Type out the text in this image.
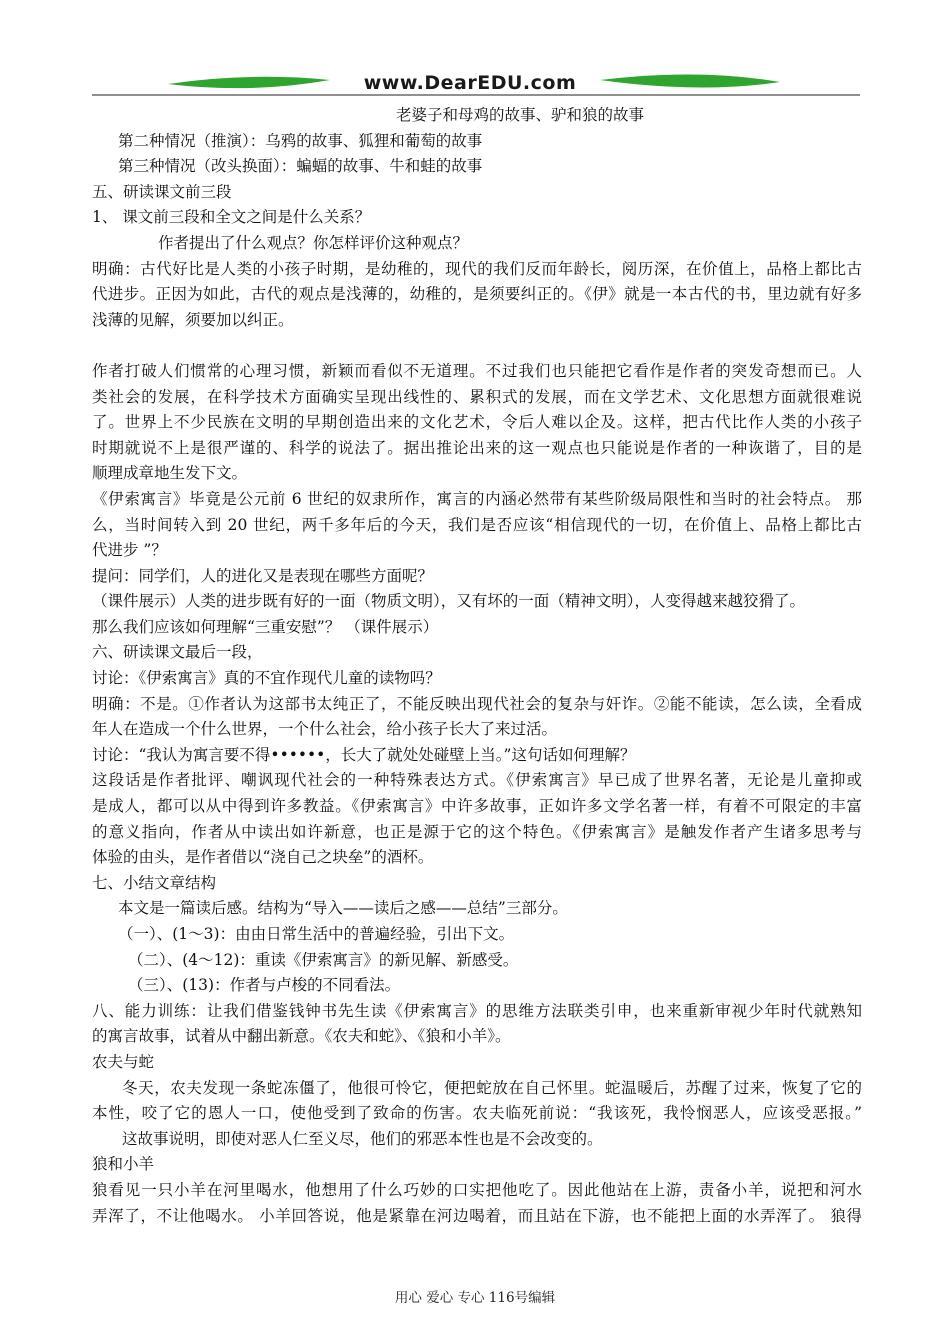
www.DearEDU.com
老婆子和母鸡的故事、驴和狼的故事
第二种情况（推演）：乌鸦的故事、狐狸和葡萄的故事
第三种情况（改头换面）：蝙蝠的故事、牛和蛙的故事
五、研读课文前三段
1、 课文前三段和全文之间是什么关系？
作者提出了什么观点？你怎样评价这种观点？
明确：古代好比是人类的小孩子时期，是幼稚的，现代的我们反而年龄长，阅历深，在价值上，品格上都比古
代进步。正因为如此，古代的观点是浅薄的，幼稚的，是须要纠正的。《伊》就是一本古代的书，里边就有好多
浅薄的见解，须要加以纠正。
作者打破人们惯常的心理习惯，新颖而看似不无道理。不过我们也只能把它看作是作者的突发奇想而已。人
类社会的发展，在科学技术方面确实呈现出线性的、累积式的发展，而在文学艺术、文化思想方面就很难说
了。世界上不少民族在文明的早期创造出来的文化艺术，令后人难以企及。这样，把古代比作人类的小孩子
时期就说不上是很严谨的、科学的说法了。据出推论出来的这一观点也只能说是作者的一种诙谐了，目的是
顺理成章地生发下文。
《伊索寓言》毕竟是公元前 6 世纪的奴隶所作，寓言的内涵必然带有某些阶级局限性和当时的社会特点。 那
么，当时间转入到 20 世纪，两千多年后的今天，我们是否应该“相信现代的一切，在价值上、品格上都比古
代进步 ”？
提问：同学们，人的进化又是表现在哪些方面呢？
（课件展示）人类的进步既有好的一面（物质文明），又有坏的一面（精神文明），人变得越来越狡猾了。
那么我们应该如何理解“三重安慰”？ （课件展示）
六、研读课文最后一段，
讨论：《伊索寓言》真的不宜作现代儿童的读物吗？
明确：不是。①作者认为这部书太纯正了，不能反映出现代社会的复杂与奸诈。②能不能读，怎么读，全看成
年人在造成一个什么世界，一个什么社会，给小孩子长大了来过活。
讨论：“我认为寓言要不得••••••，长大了就处处碰壁上当。”这句话如何理解？
这段话是作者批评、嘲讽现代社会的一种特殊表达方式。《伊索寓言》早已成了世界名著，无论是儿童抑或
是成人，都可以从中得到许多教益。《伊索寓言》中许多故事，正如许多文学名著一样，有着不可限定的丰富
的意义指向，作者从中读出如许新意，也正是源于它的这个特色。《伊索寓言》是触发作者产生诸多思考与
体验的由头，是作者借以“浇自己之块垒”的酒杯。
七、小结文章结构
本文是一篇读后感。结构为“导入——读后之感——总结”三部分。
（一）、(1～3)：由由日常生活中的普遍经验，引出下文。
（二）、(4～12)：重读《伊索寓言》的新见解、新感受。
（三）、(13)：作者与卢梭的不同看法。
八、能力训练：让我们借鉴钱钟书先生读《伊索寓言》的思维方法联类引申，也来重新审视少年时代就熟知
的寓言故事，试着从中翻出新意。《农夫和蛇》、《狼和小羊》。
农夫与蛇
冬天，农夫发现一条蛇冻僵了，他很可怜它，便把蛇放在自己怀里。蛇温暖后，苏醒了过来，恢复了它的
本性，咬了它的恩人一口，使他受到了致命的伤害。农夫临死前说：“我该死，我怜悯恶人，应该受恶报。”
这故事说明，即使对恶人仁至义尽，他们的邪恶本性也是不会改变的。
狼和小羊
狼看见一只小羊在河里喝水，他想用了什么巧妙的口实把他吃了。因此他站在上游，责备小羊，说把和河水
弄浑了，不让他喝水。 小羊回答说，他是紧靠在河边喝着，而且站在下游，也不能把上面的水弄浑了。 狼得
用心 爱心 专心 116号编辑
